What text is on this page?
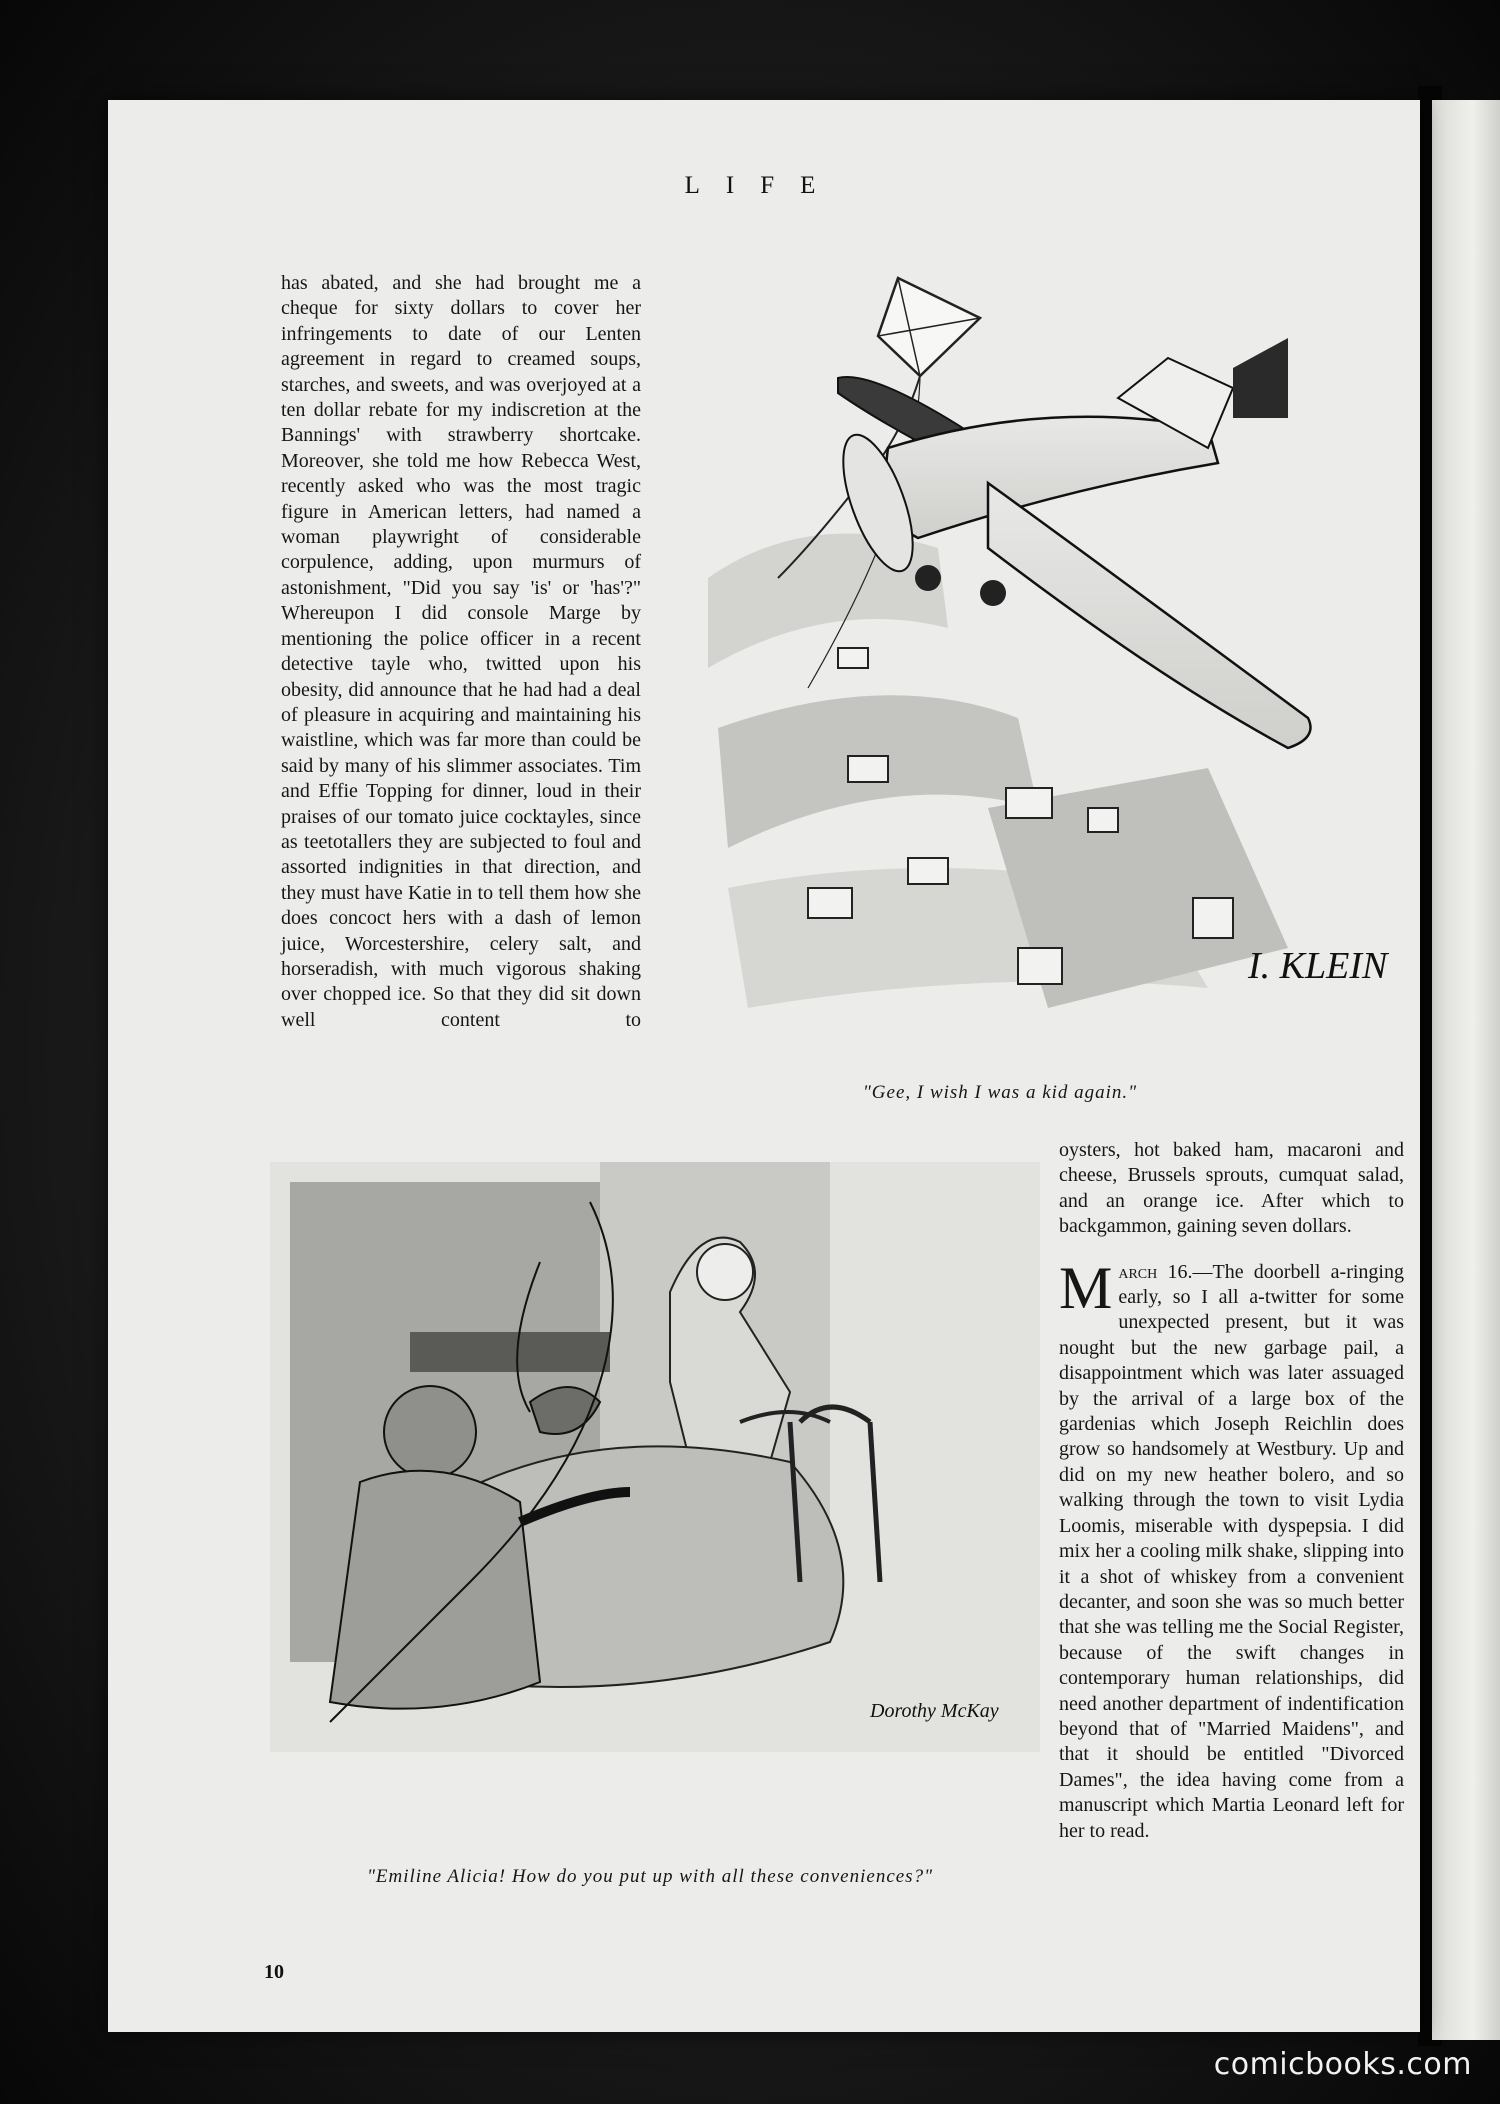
LIFE

has abated, and she had brought me a cheque for sixty dollars to cover her infringements to date of our Lenten agreement in regard to creamed soups, starches, and sweets, and was overjoyed at a ten dollar rebate for my indiscretion at the Bannings' with strawberry shortcake. Moreover, she told me how Rebecca West, recently asked who was the most tragic figure in American letters, had named a woman playwright of considerable corpulence, adding, upon murmurs of astonishment, "Did you say 'is' or 'has'?" Whereupon I did console Marge by mentioning the police officer in a recent detective tayle who, twitted upon his obesity, did announce that he had had a deal of pleasure in acquiring and maintaining his waistline, which was far more than could be said by many of his slimmer associates. Tim and Effie Topping for dinner, loud in their praises of our tomato juice cocktayles, since as teetotallers they are subjected to foul and assorted indignities in that direction, and they must have Katie in to tell them how she does concoct hers with a dash of lemon juice, Worcestershire, celery salt, and horseradish, with much vigorous shaking over chopped ice. So that they did sit down well content to

I. KLEIN
"Gee, I wish I was a kid again."

oysters, hot baked ham, macaroni and cheese, Brussels sprouts, cumquat salad, and an orange ice. After which to backgammon, gaining seven dollars.

March 16.—The doorbell a-ringing early, so I all a-twitter for some unexpected present, but it was nought but the new garbage pail, a disappointment which was later assuaged by the arrival of a large box of the gardenias which Joseph Reichlin does grow so handsomely at Westbury. Up and did on my new heather bolero, and so walking through the town to visit Lydia Loomis, miserable with dyspepsia. I did mix her a cooling milk shake, slipping into it a shot of whiskey from a convenient decanter, and soon she was so much better that she was telling me the Social Register, because of the swift changes in contemporary human relationships, did need another department of indentification beyond that of "Married Maidens", and that it should be entitled "Divorced Dames", the idea having come from a manuscript which Martia Leonard left for her to read.

Dorothy McKay
"Emiline Alicia! How do you put up with all these conveniences?"
10
comicbooks.com
